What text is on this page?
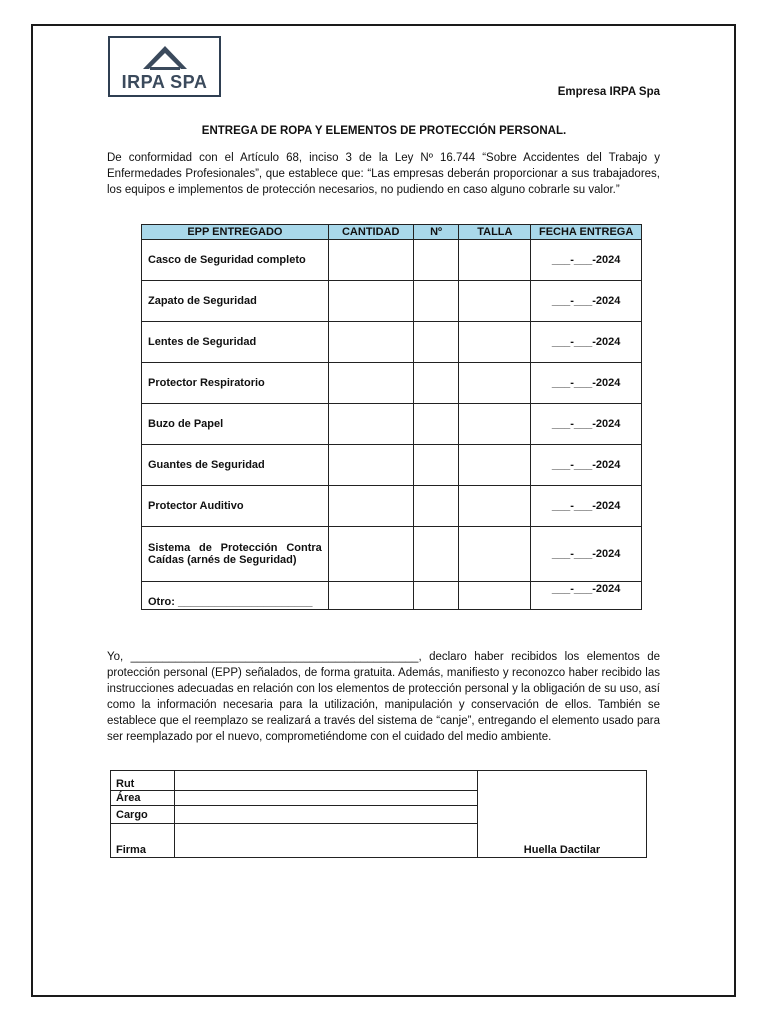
IRPA SPA	Empresa IRPA Spa
ENTREGA DE ROPA Y ELEMENTOS DE PROTECCIÓN PERSONAL.
De conformidad con el Artículo 68, inciso 3 de la Ley Nº 16.744 “Sobre Accidentes del Trabajo y Enfermedades Profesionales”, que establece que: “Las empresas deberán proporcionar a sus trabajadores, los equipos e implementos de protección necesarios, no pudiendo en caso alguno cobrarle su valor.”
EPP ENTREGADO	CANTIDAD	Nº	TALLA	FECHA ENTREGA
Casco de Seguridad completo				___-___-2024
Zapato de Seguridad				___-___-2024
Lentes de Seguridad				___-___-2024
Protector Respiratorio				___-___-2024
Buzo de Papel				___-___-2024
Guantes de Seguridad				___-___-2024
Protector Auditivo				___-___-2024
Sistema de Protección Contra Caídas (arnés de Seguridad)				___-___-2024
Otro: ______________________				___-___-2024
Yo, _____________________________________________, declaro haber recibidos los elementos de protección personal (EPP) señalados, de forma gratuita. Además, manifiesto y reconozco haber recibido las instrucciones adecuadas en relación con los elementos de protección personal y la obligación de su uso, así como la información necesaria para la utilización, manipulación y conservación de ellos. También se establece que el reemplazo se realizará a través del sistema de “canje”, entregando el elemento usado para ser reemplazado por el nuevo, comprometiéndome con el cuidado del medio ambiente.
Rut		Huella Dactilar
Área		
Cargo		
Firma		
